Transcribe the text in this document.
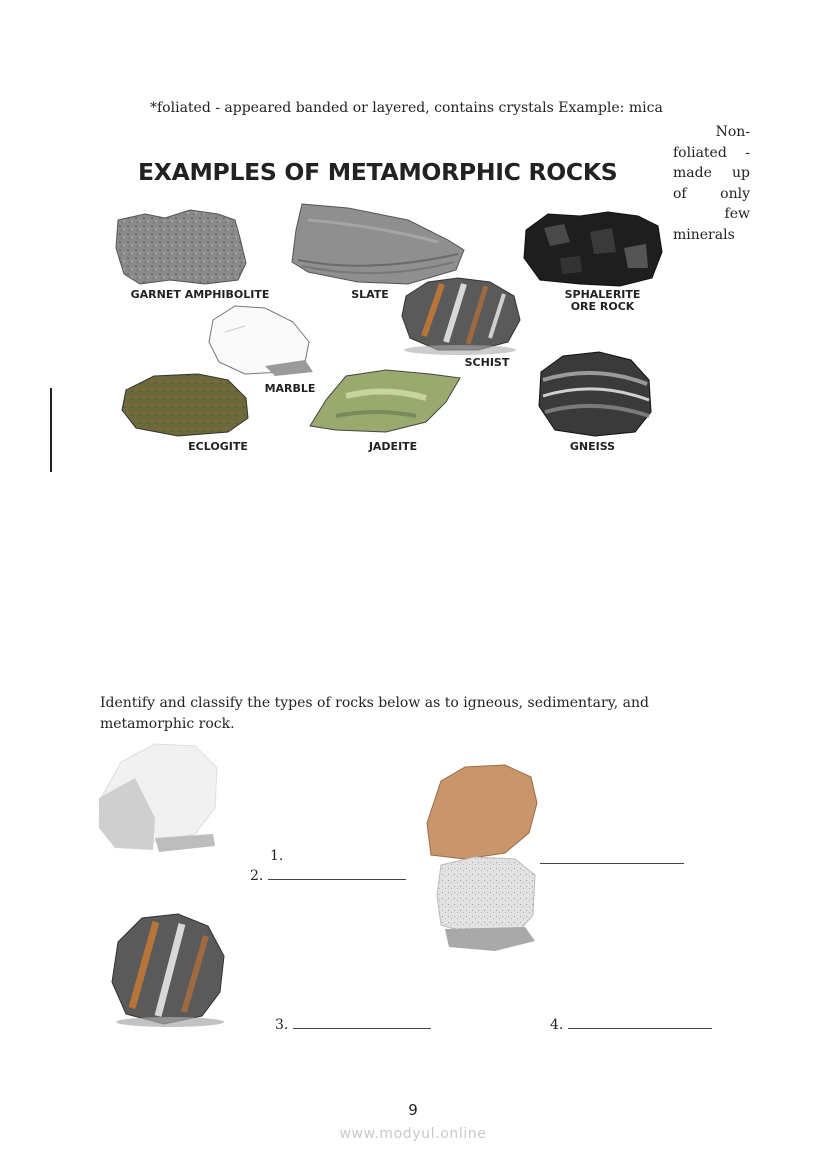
*foliated - appeared banded or layered, contains crystals Example: mica
Non-
foliated -
made up
of only
few
minerals
EXAMPLES OF METAMORPHIC ROCKS
GARNET AMPHIBOLITE	SLATE	SPHALERITE
ORE ROCK
SCHIST
MARBLE
ECLOGITE	JADEITE	GNEISS
Identify and classify the types of rocks below as to igneous, sedimentary, and metamorphic rock.
1.
2.
3.	4.
9
www.modyul.online
